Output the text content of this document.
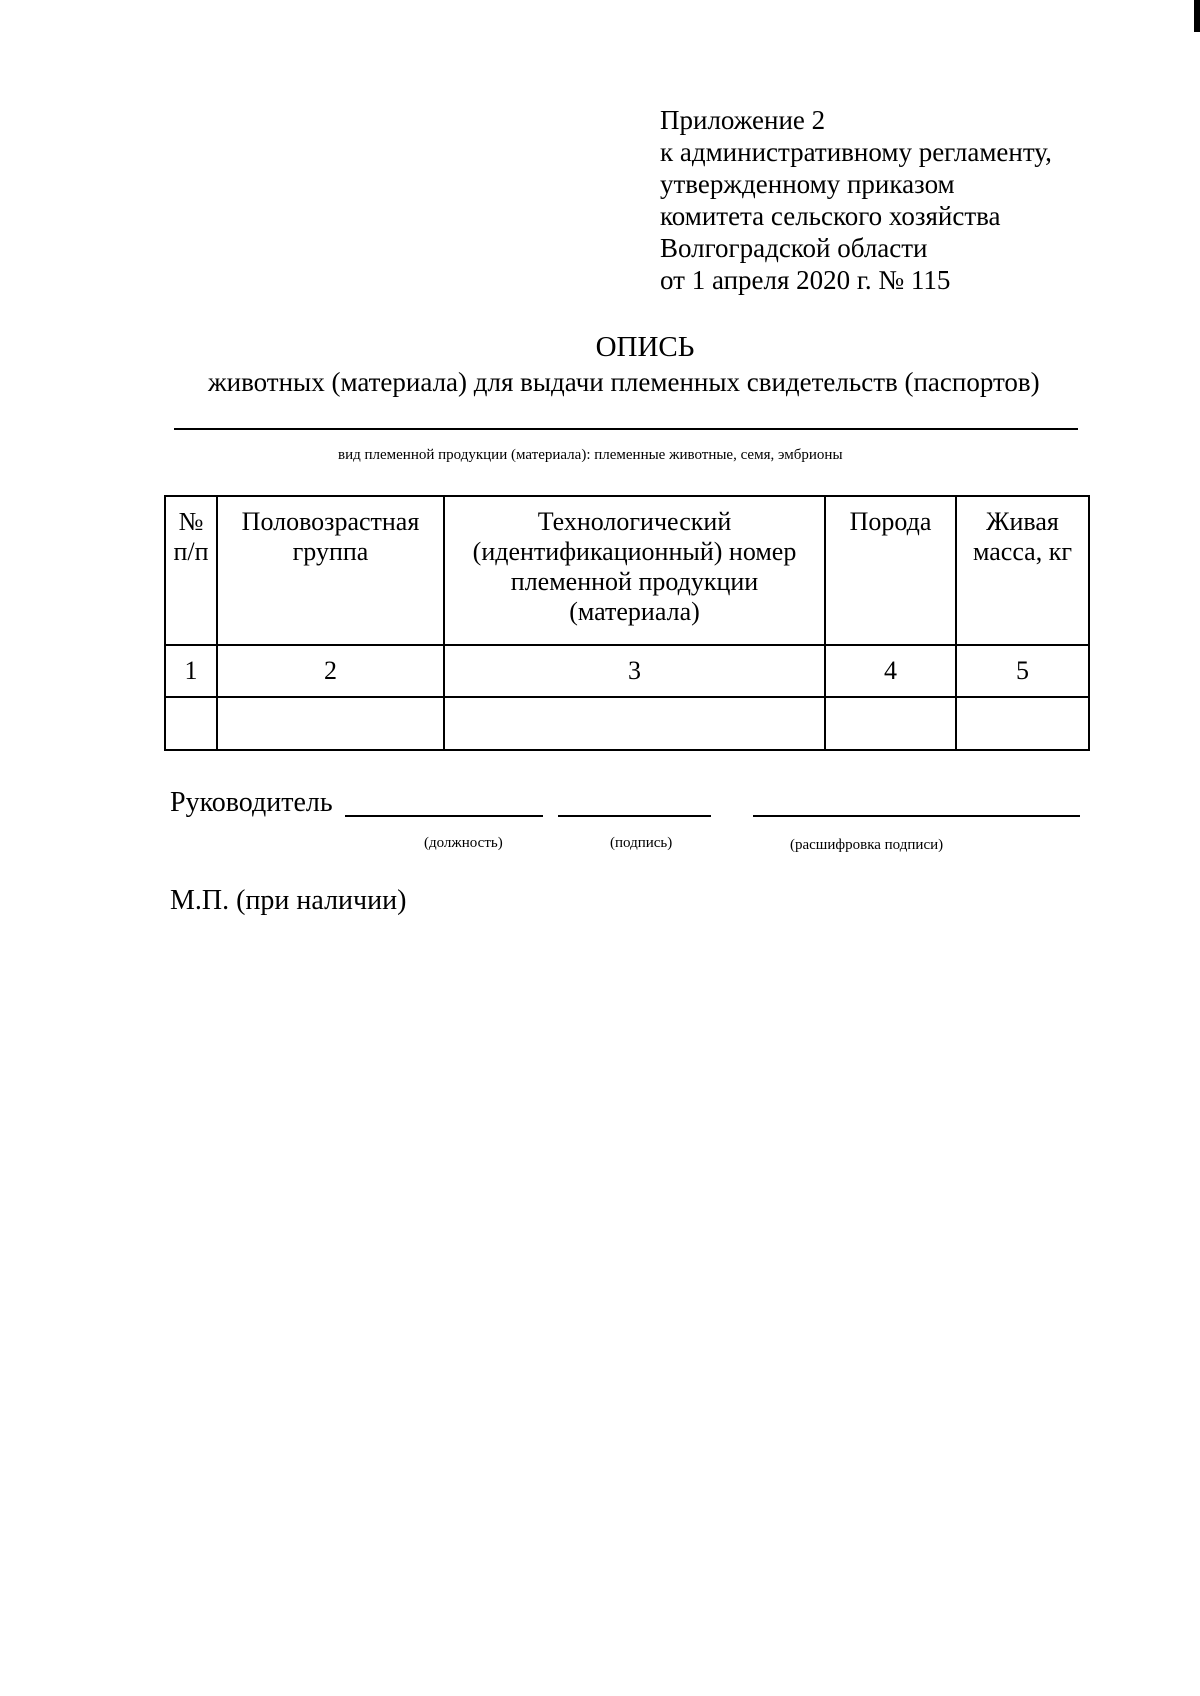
Приложение 2
к административному регламенту,
утвержденному приказом
комитета сельского хозяйства
Волгоградской области
от 1 апреля 2020 г. № 115
ОПИСЬ
животных (материала) для выдачи племенных свидетельств (паспортов)
вид племенной продукции (материала): племенные животные, семя, эмбрионы
№ п/п	Половозрастная группа	Технологический (идентификационный) номер племенной продукции (материала)	Порода	Живая масса, кг
1	2	3	4	5

Руководитель
(должность)	(подпись)	(расшифровка подписи)
М.П. (при наличии)
